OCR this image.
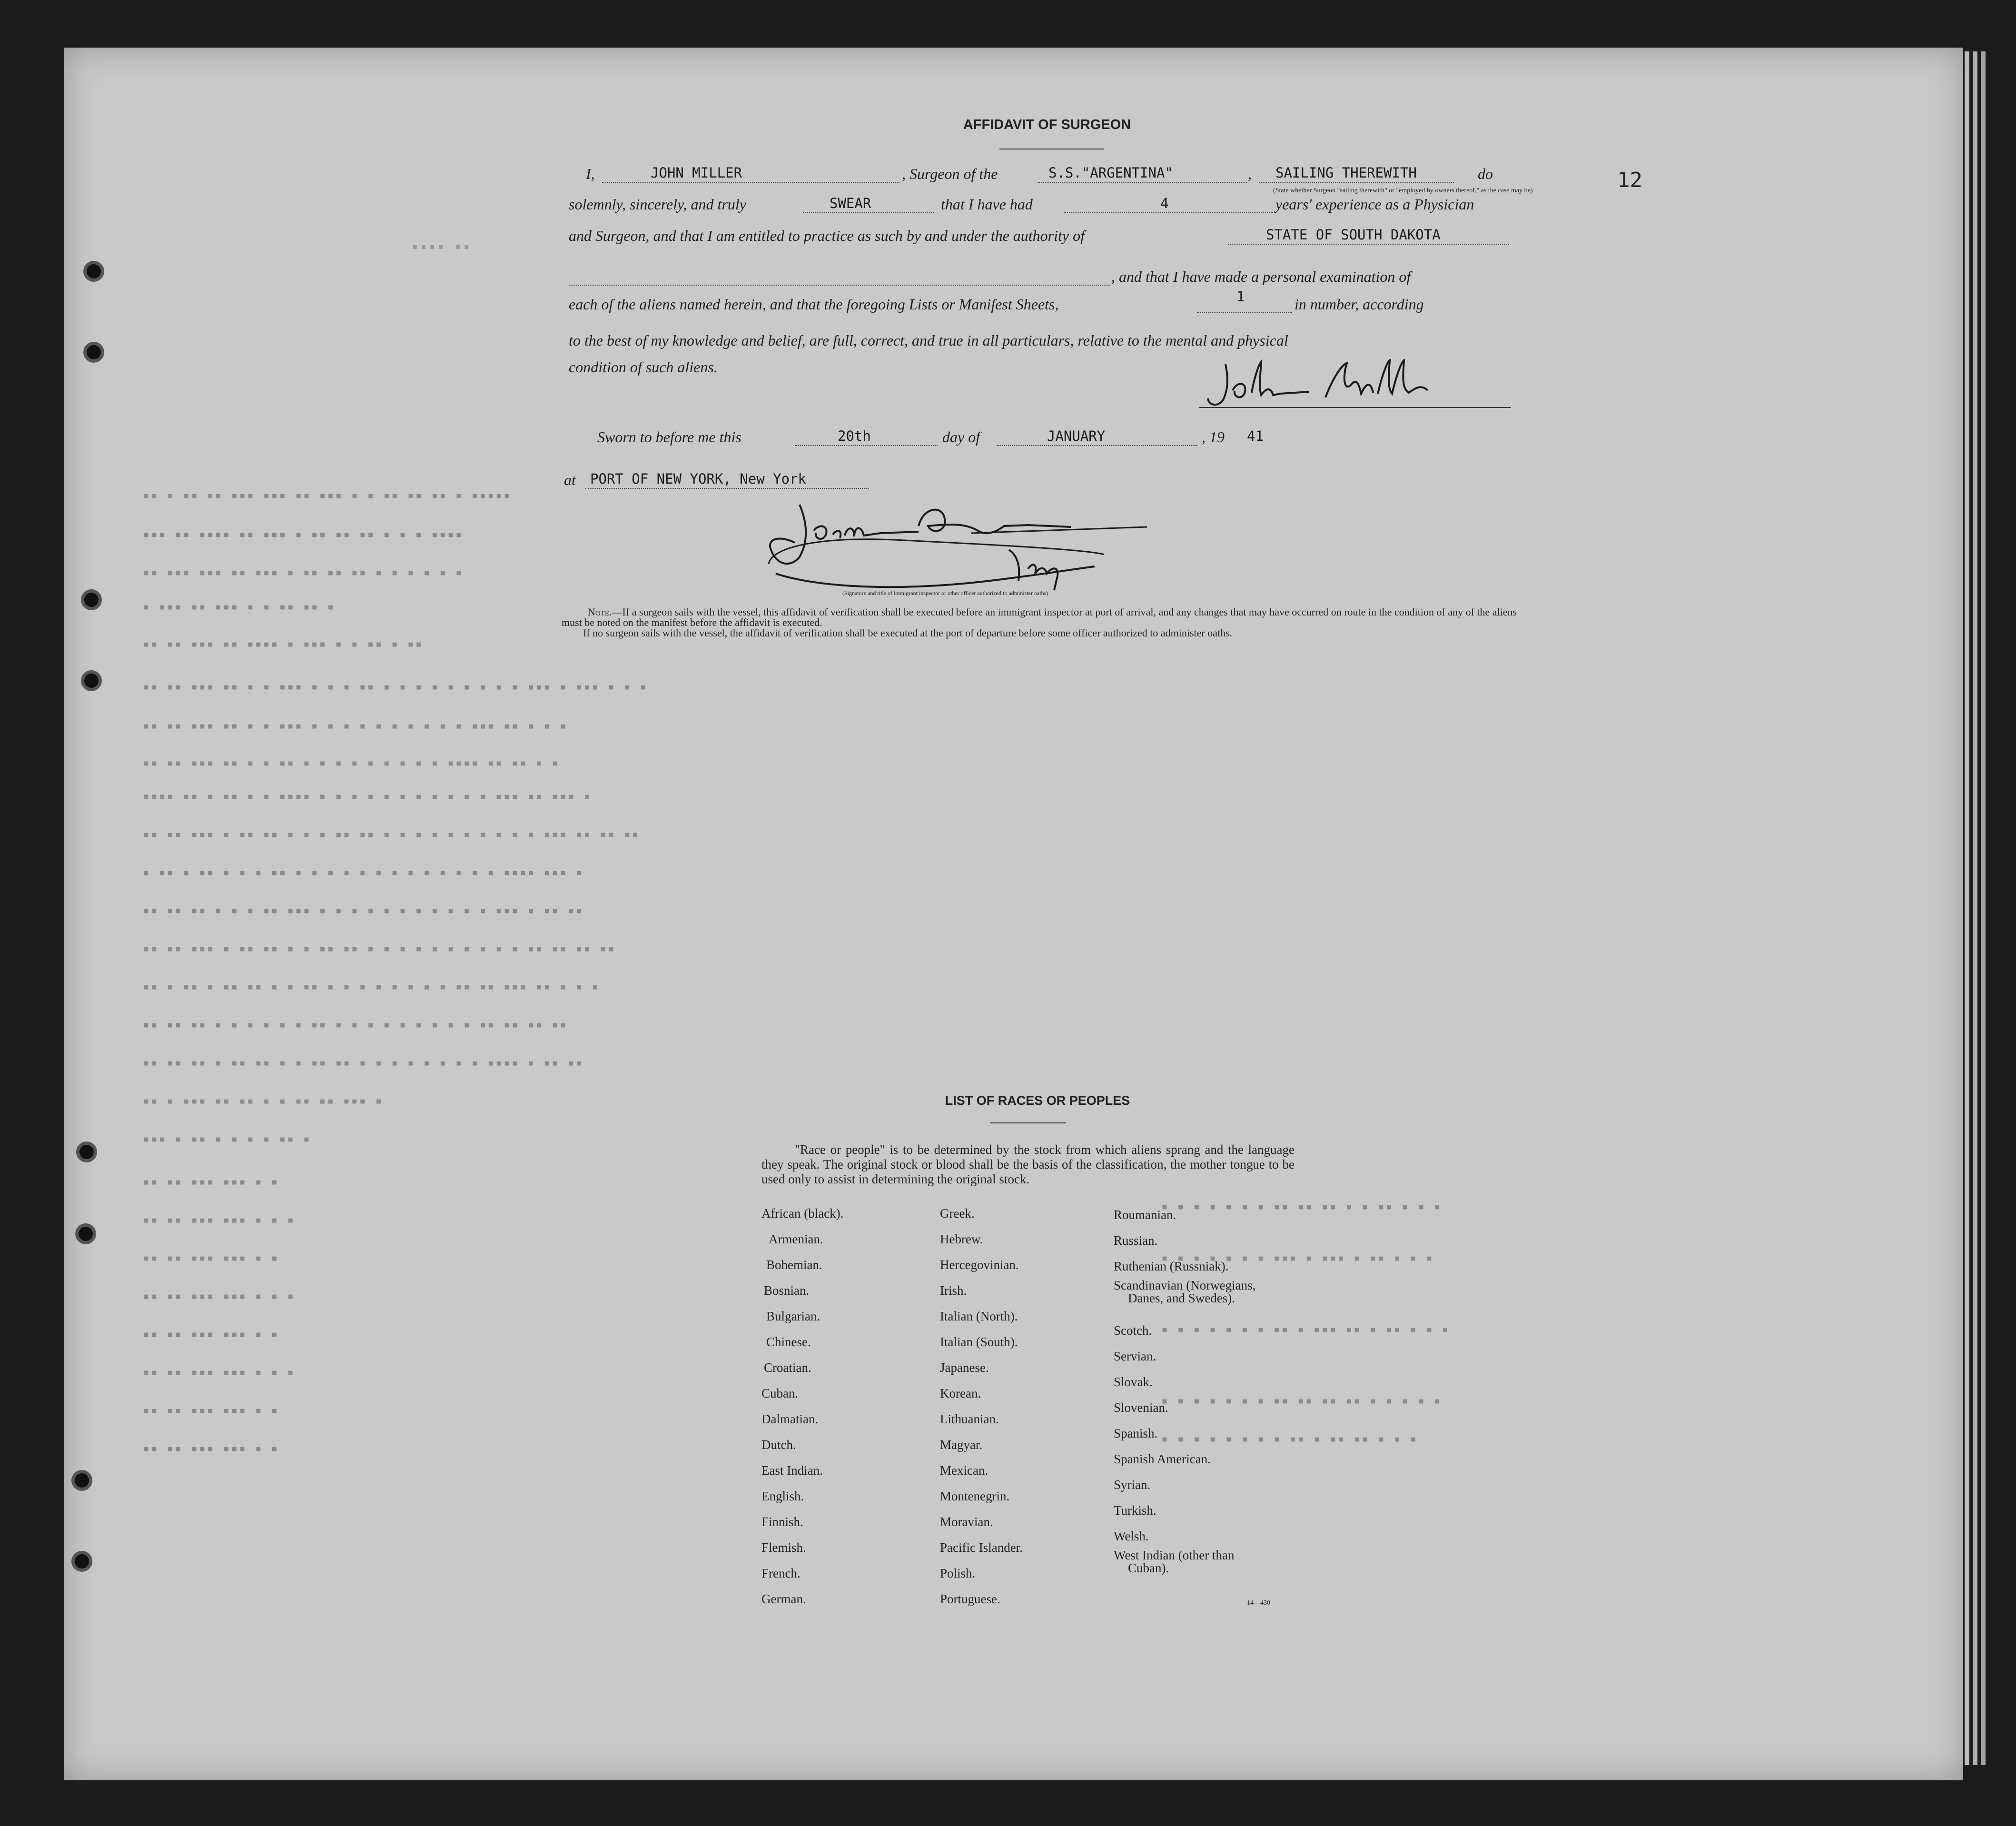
▪▪ ▪▪▪▪
▪▪ ▪ ▪▪ ▪▪ ▪▪▪ ▪▪▪ ▪▪ ▪▪▪ ▪ ▪ ▪▪ ▪▪ ▪▪ ▪ ▪▪▪▪▪
▪▪▪ ▪▪ ▪▪▪▪ ▪▪ ▪▪▪ ▪ ▪▪ ▪▪ ▪▪ ▪ ▪ ▪ ▪▪▪▪
▪▪ ▪▪▪ ▪▪▪ ▪▪ ▪▪▪ ▪ ▪▪ ▪▪ ▪▪ ▪ ▪ ▪ ▪ ▪ ▪
▪ ▪▪▪ ▪▪ ▪▪▪ ▪ ▪ ▪▪ ▪▪ ▪
▪▪ ▪▪ ▪▪▪ ▪▪ ▪▪▪▪ ▪ ▪▪▪ ▪ ▪ ▪▪ ▪ ▪▪
▪▪ ▪▪ ▪▪▪ ▪▪ ▪ ▪ ▪▪▪ ▪ ▪ ▪ ▪▪ ▪ ▪ ▪ ▪ ▪ ▪ ▪ ▪ ▪ ▪▪▪ ▪ ▪▪▪ ▪ ▪ ▪
▪▪ ▪▪ ▪▪▪ ▪▪ ▪ ▪ ▪▪▪ ▪ ▪ ▪ ▪ ▪ ▪ ▪ ▪ ▪ ▪ ▪▪▪ ▪▪ ▪ ▪ ▪
▪▪ ▪▪ ▪▪▪ ▪▪ ▪ ▪ ▪▪ ▪ ▪ ▪ ▪ ▪ ▪ ▪ ▪ ▪ ▪▪▪▪ ▪▪ ▪▪ ▪ ▪
▪▪▪▪ ▪▪ ▪ ▪▪ ▪ ▪ ▪▪▪▪ ▪ ▪ ▪ ▪ ▪ ▪ ▪ ▪ ▪ ▪ ▪ ▪▪▪ ▪▪ ▪▪▪ ▪
▪▪ ▪▪ ▪▪▪ ▪ ▪▪ ▪▪ ▪ ▪ ▪ ▪▪ ▪▪ ▪ ▪ ▪ ▪ ▪ ▪ ▪ ▪ ▪ ▪ ▪▪▪ ▪▪ ▪▪ ▪▪
▪ ▪▪ ▪ ▪▪ ▪ ▪ ▪ ▪▪ ▪ ▪ ▪ ▪ ▪ ▪ ▪ ▪ ▪ ▪ ▪ ▪ ▪ ▪▪▪▪ ▪▪▪ ▪
▪▪ ▪▪ ▪▪ ▪ ▪ ▪ ▪▪ ▪▪▪ ▪ ▪ ▪ ▪ ▪ ▪ ▪ ▪ ▪ ▪ ▪ ▪▪▪ ▪ ▪▪ ▪▪
▪▪ ▪▪ ▪▪▪ ▪ ▪▪ ▪▪ ▪ ▪ ▪▪ ▪▪ ▪ ▪ ▪ ▪ ▪ ▪ ▪ ▪ ▪ ▪ ▪▪ ▪▪ ▪▪ ▪▪
▪▪ ▪ ▪▪ ▪ ▪▪ ▪▪ ▪ ▪ ▪▪ ▪ ▪ ▪ ▪ ▪ ▪ ▪ ▪ ▪▪ ▪▪ ▪▪▪ ▪▪ ▪ ▪ ▪
▪▪ ▪▪ ▪▪ ▪ ▪ ▪ ▪ ▪ ▪ ▪▪ ▪ ▪ ▪ ▪ ▪ ▪ ▪ ▪ ▪ ▪▪ ▪▪ ▪▪ ▪▪
▪▪ ▪▪ ▪▪ ▪ ▪▪ ▪▪ ▪ ▪ ▪▪ ▪▪ ▪ ▪ ▪ ▪ ▪ ▪ ▪ ▪ ▪▪▪▪ ▪ ▪▪ ▪▪
▪▪ ▪ ▪▪▪ ▪▪ ▪▪ ▪ ▪ ▪▪ ▪▪ ▪▪▪ ▪
▪▪▪ ▪ ▪▪ ▪ ▪ ▪ ▪ ▪▪ ▪
▪▪ ▪▪ ▪▪▪ ▪▪▪ ▪ ▪
▪▪ ▪▪ ▪▪▪ ▪▪▪ ▪ ▪ ▪
▪▪ ▪▪ ▪▪▪ ▪▪▪ ▪ ▪
▪▪ ▪▪ ▪▪▪ ▪▪▪ ▪ ▪ ▪
▪▪ ▪▪ ▪▪▪ ▪▪▪ ▪ ▪
▪▪ ▪▪ ▪▪▪ ▪▪▪ ▪ ▪ ▪
▪▪ ▪▪ ▪▪▪ ▪▪▪ ▪ ▪
▪▪ ▪▪ ▪▪▪ ▪▪▪ ▪ ▪
▪ ▪ ▪ ▪ ▪ ▪ ▪ ▪▪ ▪▪ ▪▪ ▪ ▪ ▪▪ ▪ ▪ ▪
▪ ▪ ▪ ▪ ▪ ▪ ▪ ▪▪▪ ▪ ▪▪▪ ▪ ▪▪ ▪ ▪ ▪
▪ ▪ ▪ ▪ ▪ ▪ ▪ ▪▪ ▪ ▪▪▪ ▪▪ ▪ ▪▪ ▪ ▪ ▪
▪ ▪ ▪ ▪ ▪ ▪ ▪ ▪▪ ▪▪ ▪▪ ▪▪ ▪ ▪ ▪ ▪ ▪
▪ ▪ ▪ ▪ ▪ ▪ ▪ ▪ ▪▪ ▪ ▪▪ ▪▪ ▪ ▪ ▪
AFFIDAVIT OF SURGEON
12
I,	JOHN MILLER	, Surgeon of the	S.S."ARGENTINA"	, SAILING THEREWITH	do
(State whether Surgeon "sailing therewith" or "employed by owners thereof," as the case may be)
solemnly, sincerely, and truly	SWEAR	that I have had	4	years' experience as a Physician
and Surgeon, and that I am entitled to practice as such by and under the authority of	STATE OF SOUTH DAKOTA
, and that I have made a personal examination of
each of the aliens named herein, and that the foregoing Lists or Manifest Sheets,	1	in number, according
to the best of my knowledge and belief, are full, correct, and true in all particulars, relative to the mental and physical
condition of such aliens.
Sworn to before me this	20th	day of	JANUARY	, 19 41
at PORT OF NEW YORK, New York
(Signature and title of immigrant inspector or other officer authorized to administer oaths)
Note.—If a surgeon sails with the vessel, this affidavit of verification shall be executed before an immigrant inspector at port of arrival, and any changes that may have occurred on route in the condition of any of the aliens must be noted on the manifest before the affidavit is executed.
If no surgeon sails with the vessel, the affidavit of verification shall be executed at the port of departure before some officer authorized to administer oaths.
LIST OF RACES OR PEOPLES
"Race or people" is to be determined by the stock from which aliens sprang and the language they speak. The original stock or blood shall be the basis of the classification, the mother tongue to be used only to assist in determining the original stock.
African (black).
Armenian.
Bohemian.
Bosnian.
Bulgarian.
Chinese.
Croatian.
Cuban.
Dalmatian.
Dutch.
East Indian.
English.
Finnish.
Flemish.
French.
German.
Greek.
Hebrew.
Hercegovinian.
Irish.
Italian (North).
Italian (South).
Japanese.
Korean.
Lithuanian.
Magyar.
Mexican.
Montenegrin.
Moravian.
Pacific Islander.
Polish.
Portuguese.
Roumanian.
Russian.
Ruthenian (Russniak).
Scandinavian (Norwegians,
Danes, and Swedes).
Scotch.
Servian.
Slovak.
Slovenian.
Spanish.
Spanish American.
Syrian.
Turkish.
Welsh.
West Indian (other than
Cuban).
14—430
